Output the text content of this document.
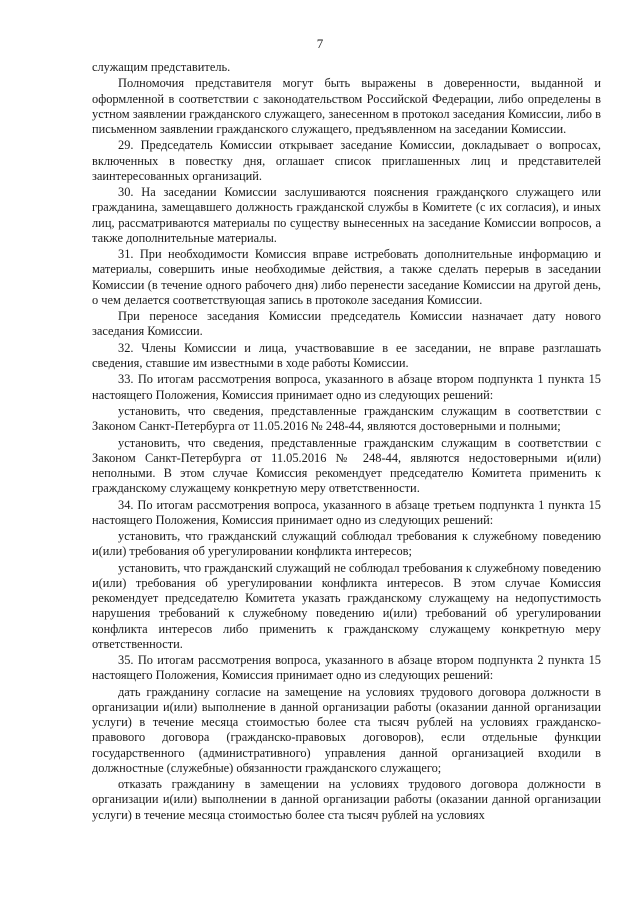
7

служащим представитель.

Полномочия представителя могут быть выражены в доверенности, выданной и оформленной в соответствии с законодательством Российской Федерации, либо определены в устном заявлении гражданского служащего, занесенном в протокол заседания Комиссии, либо в письменном заявлении гражданского служащего, предъявленном на заседании Комиссии.

29. Председатель Комиссии открывает заседание Комиссии, докладывает о вопросах, включенных в повестку дня, оглашает список приглашенных лиц и представителей заинтересованных организаций.

30. На заседании Комиссии заслушиваются пояснения гражданского служащего или гражданина, замещавшего должность гражданской службы в Комитете (с их согласия), и иных лиц, рассматриваются материалы по существу вынесенных на заседание Комиссии вопросов, а также дополнительные материалы.

31. При необходимости Комиссия вправе истребовать дополнительные информацию и материалы, совершить иные необходимые действия, а также сделать перерыв в заседании Комиссии (в течение одного рабочего дня) либо перенести заседание Комиссии на другой день, о чем делается соответствующая запись в протоколе заседания Комиссии.

При переносе заседания Комиссии председатель Комиссии назначает дату нового заседания Комиссии.

32. Члены Комиссии и лица, участвовавшие в ее заседании, не вправе разглашать сведения, ставшие им известными в ходе работы Комиссии.

33. По итогам рассмотрения вопроса, указанного в абзаце втором подпункта 1 пункта 15 настоящего Положения, Комиссия принимает одно из следующих решений:

установить, что сведения, представленные гражданским служащим в соответствии с Законом Санкт-Петербурга от 11.05.2016 № 248-44, являются достоверными и полными;

установить, что сведения, представленные гражданским служащим в соответствии с Законом Санкт-Петербурга от 11.05.2016 № 248-44, являются недостоверными и(или) неполными. В этом случае Комиссия рекомендует председателю Комитета применить к гражданскому служащему конкретную меру ответственности.

34. По итогам рассмотрения вопроса, указанного в абзаце третьем подпункта 1 пункта 15 настоящего Положения, Комиссия принимает одно из следующих решений:

установить, что гражданский служащий соблюдал требования к служебному поведению и(или) требования об урегулировании конфликта интересов;

установить, что гражданский служащий не соблюдал требования к служебному поведению и(или) требования об урегулировании конфликта интересов. В этом случае Комиссия рекомендует председателю Комитета указать гражданскому служащему на недопустимость нарушения требований к служебному поведению и(или) требований об урегулировании конфликта интересов либо применить к гражданскому служащему конкретную меру ответственности.

35. По итогам рассмотрения вопроса, указанного в абзаце втором подпункта 2 пункта 15 настоящего Положения, Комиссия принимает одно из следующих решений:

дать гражданину согласие на замещение на условиях трудового договора должности в организации и(или) выполнение в данной организации работы (оказании данной организации услуги) в течение месяца стоимостью более ста тысяч рублей на условиях гражданско-правового договора (гражданско-правовых договоров), если отдельные функции государственного (административного) управления данной организацией входили в должностные (служебные) обязанности гражданского служащего;

отказать гражданину в замещении на условиях трудового договора должности в организации и(или) выполнении в данной организации работы (оказании данной организации услуги) в течение месяца стоимостью более ста тысяч рублей на условиях
